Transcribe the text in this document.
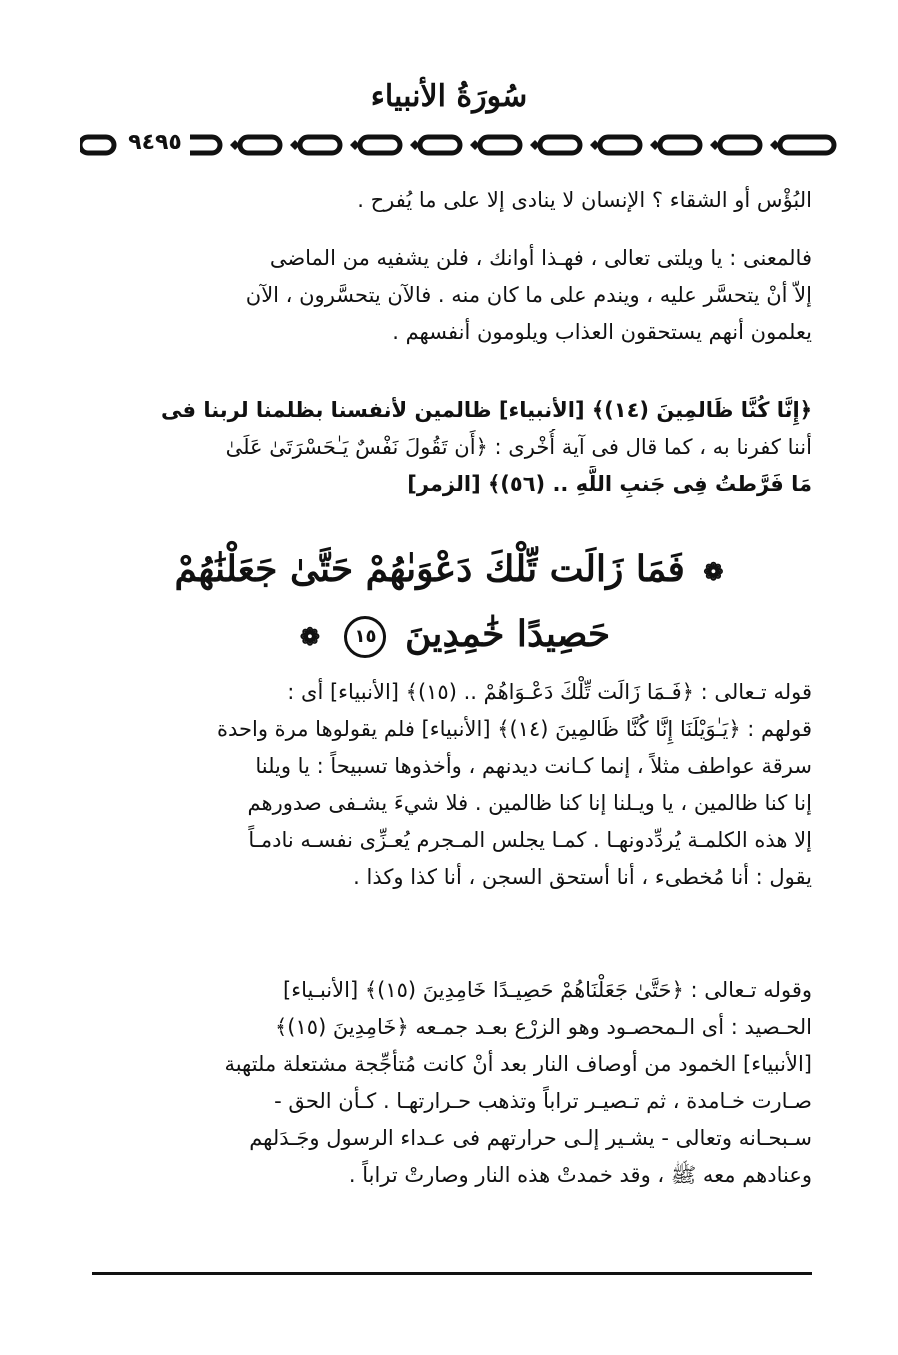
سُورَةُ الأنبياء
٩٤٩٥
البُؤْس أو الشقاء ؟ الإنسان لا ينادى إلا على ما يُفرح .
فالمعنى : يا ويلتى تعالى ، فهـذا أوانك ، فلن يشفيه من الماضى
إلاّ أنْ يتحسَّر عليه ، ويندم على ما كان منه . فالآن يتحسَّرون ، الآن
يعلمون أنهم يستحقون العذاب ويلومون أنفسهم .
﴿إِنَّا كُنَّا ظَالمِينَ (١٤)﴾ [الأنبياء] ظالمين لأنفسنا بظلمنا لربنا فى
أننا كفرنا به ، كما قال فى آية أُخْرى : ﴿أَن تَقُولَ نَفْسٌ يَـٰحَسْرَتَىٰ عَلَىٰ
مَا فَرَّطتُ فِى جَنبِ اللَّهِ .. (٥٦)﴾ [الزمر]
❁ فَمَا زَالَت تِّلْكَ دَعْوَىٰهُمْ حَتَّىٰ جَعَلْنَٰهُمْ
حَصِيدًا خَٰمِدِينَ ١٥ ❁
قوله تـعالى : ﴿فَـمَا زَالَت تِّلْكَ دَعْـوَاهُمْ .. (١٥)﴾ [الأنبياء] أى :
قولهم : ﴿يَـٰوَيْلَنَا إِنَّا كُنَّا ظَالمِينَ (١٤)﴾ [الأنبياء] فلم يقولوها مرة واحدة
سرقة عواطف مثلاً ، إنما كـانت ديدنهم ، وأخذوها تسبيحاً : يا ويلنا
إنا كنا ظالمين ، يا ويـلنا إنا كنا ظالمين . فلا شيءَ يشـفى صدورهم
إلا هذه الكلمـة يُردِّدونهـا . كمـا يجلس المـجرم يُعـزِّى نفسـه نادمـاً
يقول : أنا مُخطىء ، أنا أستحق السجن ، أنا كذا وكذا .
وقوله تـعالى : ﴿حَتَّىٰ جَعَلْنَاهُمْ حَصِيـدًا خَامِدِينَ (١٥)﴾ [الأنبـياء]
الحـصيد : أى الـمحصـود وهو الزرْع بعـد جمـعه ﴿خَامِدِينَ (١٥)﴾
[الأنبياء] الخمود من أوصاف النار بعد أنْ كانت مُتأجِّجة مشتعلة ملتهبة
صـارت خـامدة ، ثم تـصيـر تراباً وتذهب حـرارتهـا . كـأن الحق -
سـبحـانه وتعالى - يشـير إلـى حرارتهم فى عـداء الرسول وجَـدَلهم
وعنادهم معه ﷺ ، وقد خمدتْ هذه النار وصارتْ تراباً .
